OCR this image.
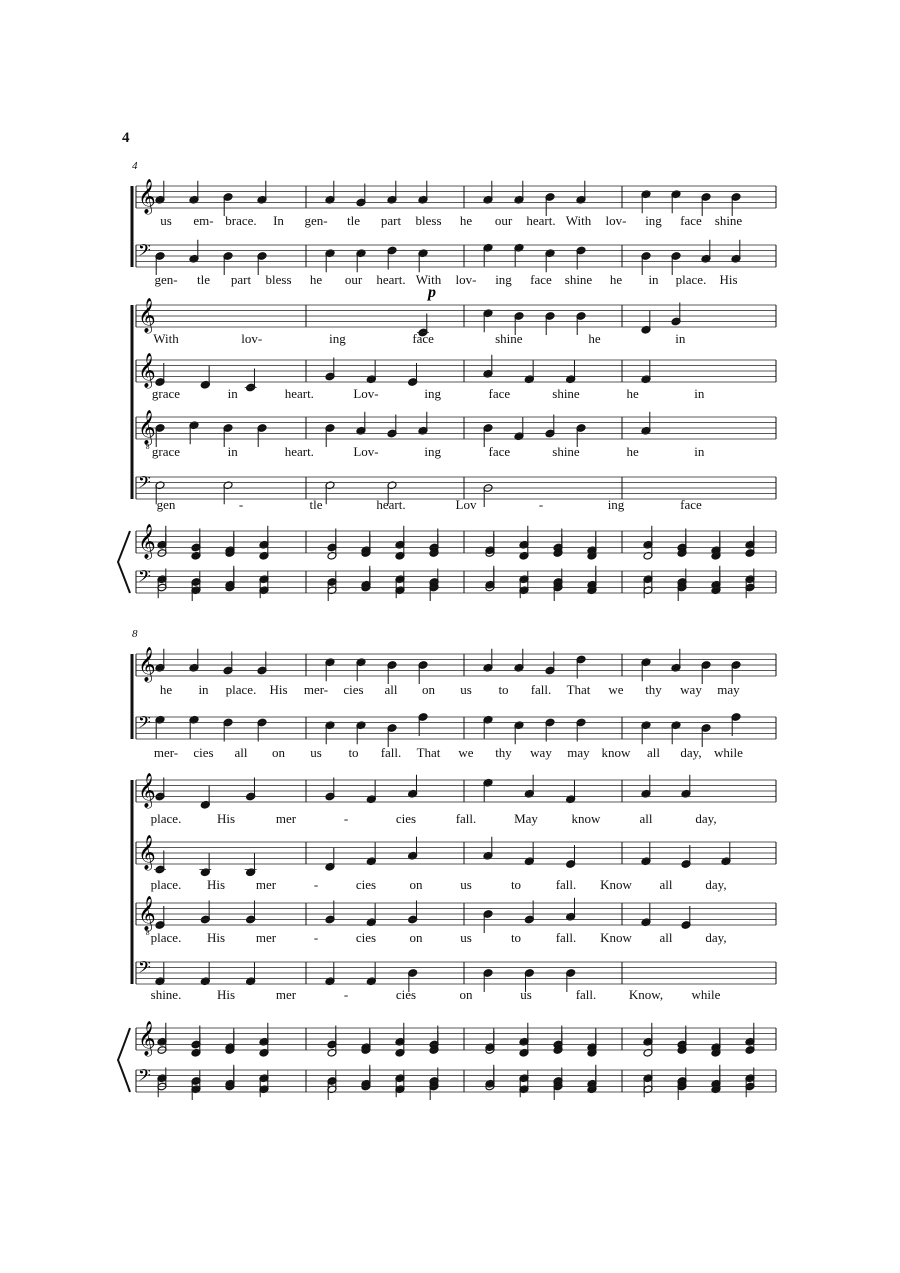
4
4
8
us em- brace. In gen- tle part bless he our heart. With lov- ing face shine
gen- tle part bless he our heart. With lov- ing face shine he in place. His
With	lov-	ing	face	shine	he	in
grace	in	heart.	Lov-	ing	face	shine	he	in
grace	in	heart.	Lov-	ing	face	shine	he	in
gen	-	tle	heart.	Lov	-	ing	face
p
𝄞
𝄢
𝄞
𝄞
𝄞
8
𝄢
𝄞
𝄢
he in place. His mer- cies all on us to fall. That we thy way may
mer- cies all on us to fall. That we thy way may know all day, while
place.	His	mer	-	cies	fall.	May	know	all	day,
place. His mer	-	cies	on	us	to	fall. Know all	day,
place. His mer	-	cies	on	us	to	fall. Know all	day,
shine.	His	mer	-	cies	on	us	fall.	Know, while
𝄞
𝄢
𝄞
𝄞
𝄞
8
𝄢
𝄞
𝄢
